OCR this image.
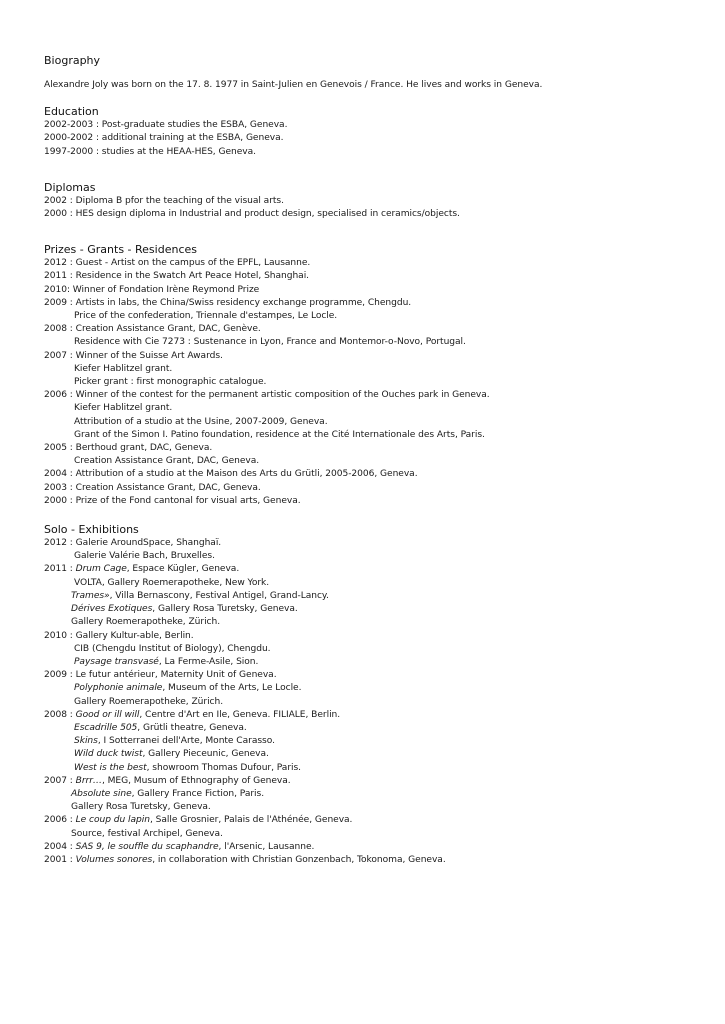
Biography
Alexandre Joly was born on the 17. 8. 1977 in Saint-Julien en Genevois / France. He lives and works in Geneva.
Education
2002-2003 : Post-graduate studies the ESBA, Geneva.
2000-2002 : additional training at the ESBA, Geneva.
1997-2000 : studies at the HEAA-HES, Geneva.
Diplomas
2002 : Diploma B pfor the teaching of the visual arts.
2000 : HES design diploma in Industrial and product design, specialised in ceramics/objects.
Prizes - Grants - Residences
2012 : Guest - Artist on the campus of the EPFL, Lausanne.
2011 : Residence in the Swatch Art Peace Hotel, Shanghai.
2010: Winner of Fondation Irène Reymond Prize
2009 : Artists in labs, the China/Swiss residency exchange programme, Chengdu.
Price of the confederation, Triennale d'estampes, Le Locle.
2008 : Creation Assistance Grant, DAC, Genève.
Residence with Cie 7273 : Sustenance in Lyon, France and Montemor-o-Novo, Portugal.
2007 : Winner of the Suisse Art Awards.
Kiefer Hablitzel grant.
Picker grant : first monographic catalogue.
2006 : Winner of the contest for the permanent artistic composition of the Ouches park in Geneva.
Kiefer Hablitzel grant.
Attribution of a studio at the Usine, 2007-2009, Geneva.
Grant of the Simon I. Patino foundation, residence at the Cité Internationale des Arts, Paris.
2005 : Berthoud grant, DAC, Geneva.
Creation Assistance Grant, DAC, Geneva.
2004 : Attribution of a studio at the Maison des Arts du Grütli, 2005-2006, Geneva.
2003 : Creation Assistance Grant, DAC, Geneva.
2000 : Prize of the Fond cantonal for visual arts, Geneva.
Solo - Exhibitions
2012 : Galerie AroundSpace, Shanghaï.
Galerie Valérie Bach, Bruxelles.
2011 : Drum Cage, Espace Kügler, Geneva.
VOLTA, Gallery Roemerapotheke, New York.
Trames», Villa Bernascony, Festival Antigel, Grand-Lancy.
Dérives Exotiques, Gallery Rosa Turetsky, Geneva.
Gallery Roemerapotheke, Zürich.
2010 : Gallery Kultur-able, Berlin.
CIB (Chengdu Institut of Biology), Chengdu.
Paysage transvasé, La Ferme-Asile, Sion.
2009 : Le futur antérieur, Maternity Unit of Geneva.
Polyphonie animale, Museum of the Arts, Le Locle.
Gallery Roemerapotheke, Zürich.
2008 : Good or ill will, Centre d'Art en Ile, Geneva. FILIALE, Berlin.
Escadrille 505, Grütli theatre, Geneva.
Skins, I Sotterranei dell'Arte, Monte Carasso.
Wild duck twist, Gallery Pieceunic, Geneva.
West is the best, showroom Thomas Dufour, Paris.
2007 : Brrr…, MEG, Musum of Ethnography of Geneva.
Absolute sine, Gallery France Fiction, Paris.
Gallery Rosa Turetsky, Geneva.
2006 : Le coup du lapin, Salle Grosnier, Palais de l'Athénée, Geneva.
Source, festival Archipel, Geneva.
2004 : SAS 9, le souffle du scaphandre, l'Arsenic, Lausanne.
2001 : Volumes sonores, in collaboration with Christian Gonzenbach, Tokonoma, Geneva.
